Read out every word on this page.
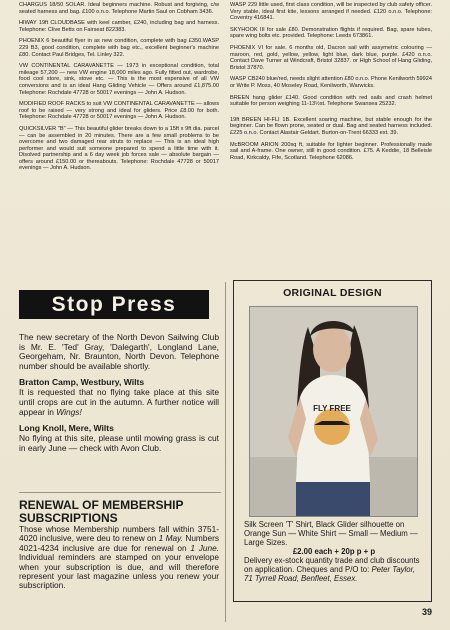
CHARGUS 18/50 SOLAR. Ideal beginners machine. Robust and forgiving, c/w seated harness and bag. £100 o.n.o. Telephone Martin Saul on Cobham 3436.

HIWAY 19ft CLOUDBASE with keel camber, £240, including bag and harness. Telephone: Clive Betts on Fairseat 822383.

PHOENIX 6 beautiful flyer in as new condition, complete with bag £350.WASP 229 B3, good condition, complete with bag etc., excellent beginner's machine £80. Contact Paul Bridges, Tel. Linley 322.

VW CONTINENTAL CARAVANETTE — 1973 in exceptional condition, total mileage 57,200 — new VW engine 18,000 miles ago. Fully fitted out, wardrobe, food cool store, sink, stove etc. — This is the most expensive of all VW conversions and is an ideal Hang Gliding Vehicle — Offers around £1,875.00 Telephone: Rochdale 47728 or 50017 evenings — John A. Hudson.

MODIFIED ROOF RACKS to suit VW CONTINENTAL CARAVANETTE — allows roof to be raised — very strong and ideal for gliders. Price £8.00 for both. Telephone: Rochdale 47728 or 50017 evenings — John A. Hudson.

QUICKSILVER "B" — This beautiful glider breaks down to a 15ft x 9ft dia. parcel — can be assembled in 20 minutes. There are a few small problems to be overcome and two damaged rear struts to replace — This is an ideal high performer and would suit someone prepared to spend a little time with it. Disolved partnership and a 6 day week job forces sale — absolute bargain — offers around £150.00 or thereabouts. Telephone: Rochdale 47728 or 50017 evenings — John A. Hudson.

WASP 229 little used, first class condition, will be inspected by club safety officer. Very stable, ideal first kite, lessons arranged if needed. £120 o.n.o. Telephone: Coventry 416841.

SKYHOOK III for sale £80. Demonstration flights if required. Bag, spare tubes, spare wing bolts etc. provided. Telephone: Leeds 673861.

PHOENIX VI for sale. 6 months old, Dacron sail with assymetric colouring — maroon, red, gold, yellow, yellow, light blue, dark blue, purple. £420 o.n.o. Contact Dave Turner at Windcraft, Bristol 32837. or High School of Hang Gliding, Bristol 37870.

WASP CB240 blue/red, needs slight attention £80 o.n.o. Phone Kenilworth 59924 or Write P. Moss, 40 Moseley Road, Kenilworth, Warwicks.

BREEN hang glider £140. Good condition with red sails and crash helmet suitable for person weighing 11-13½st. Telephone Swansea 25232.

19ft BREEN HI-FLI 1B. Excellent soaring machine, but stable enough for the beginner. Can be flown prone, seated or dual. Bag and seated harness included. £225 o.n.o. Contact Alastair Geldart. Burton-on-Trent 66333 ext. 39.

McBROOM ARION 200sq ft, suitable for lighter beginner. Professionally made sail and A-frame. One owner, still in good condition. £75. A Keddie, 18 Belleisle Road, Kirkcaldy, Fife, Scotland. Telephone 62086.

Stop Press

The new secretary of the North Devon Sailwing Club is Mr. E. 'Ted' Gray, 'Dalegarth', Longland Lane, Georgeham, Nr. Braunton, North Devon. Telephone number should be available shortly.

Bratton Camp, Westbury, Wilts

It is requested that no flying take place at this site until crops are cut in the autumn. A further notice will appear in Wings!

Long Knoll, Mere, Wilts

No flying at this site, please until mowing grass is cut in early June — check with Avon Club.

RENEWAL OF MEMBERSHIP SUBSCRIPTIONS

Those whose Membership numbers fall within 3751-4020 inclusive, were deu to renew on 1 May. Numbers 4021-4234 inclusive are due for renewal on 1 June. Individual reminders are stamped on your envelope when your subscription is due, and will therefore represent your last magazine unless you renew your subscription.

ORIGINAL DESIGN
FLY FREE
Silk Screen 'T' Shirt, Black Glider silhouette on Orange Sun — White Shirt — Small — Medium — Large Sizes.
£2.00 each + 20p p + p
Delivery ex-stock quantity trade and club discounts on application. Cheques and P/O to: Peter Taylor, 71 Tyrrell Road, Benfleet, Essex.
39
